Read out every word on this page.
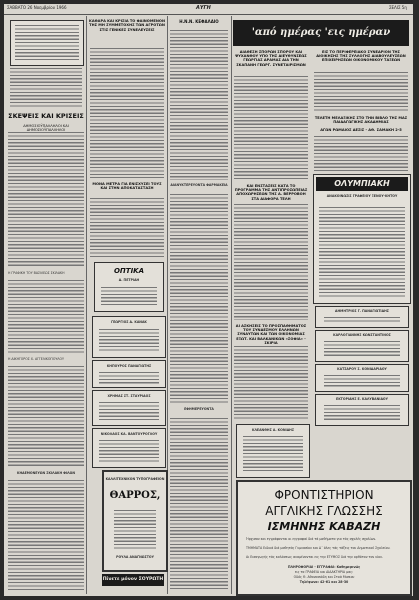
ΣΑΒΒΑΤΟ 26 Νοεμβρίου 1966	ΑΥΓΗ	ΣΕΛΙΣ 5η
ΣΚΕΨΕΙΣ ΚΑΙ ΚΡΙΣΕΙΣ
ΔΗΜΟΣΙΟΫΠΑΛΛΗΛΟΙ ΚΑΙ ΔΗΜΟΣΙΟΫΠΑΛΛΗΛΟΙ
Η ΓΡΑΦΙΚΗ ΤΟΥ ΒΑΣΙΛΕΩΣ ΣΚΙΛΑΚΗ
Η ΔΙΚΗΓΟΡΟΣ Χ. ΑΓΓΕΛΙΚΟΠΟΥΛΟΥ
ΚΗΔΕΜΟΝΕΥΩΝ ΣΚΙΛΑΚΗ ΦΙΛΩΝ
ΚΑΘΑΡΑ ΚΑΙ ΚΡΙΣΙΑ ΤΟ ΦΑΙΝΟΜΕΝΟΝ ΤΗΣ ΜΗ ΣΥΜΜΕΤΟΧΗΣ ΤΩΝ ΑΓΡΟΤΩΝ ΣΤΙΣ ΓΕΝΙΚΕΣ ΣΥΝΕΛΕΥΣΕΙΣ
ΜΟΝΑ ΜΕΤΡΑ ΓΙΑ ΕΝΙΣΧΥΣΕΙ ΤΟΥΣ ΚΑΙ ΣΤΗΝ ΑΠΟΚΑΤΑΣΤΑΣΗ
ΟΠΤΙΚΑ
Δ. ΠΕΤΡΙΔΗ
ΓΕΩΡΓΙΟΣ Δ. ΚΑΝΑΚ
ΚΗΠΟΥΡΟΣ ΠΑΝΑΓΙΩΤΗΣ
ΧΡΗΜΑΣ ΣΤ. ΣΤΑΥΡΙΔΟΣ
ΝΙΚΟΛΑΟΣ ΚΑ. ΒΑΝΤΟΥΡΟΓΛΟΥ
ΚΑΛΛΙΤΕΧΝΙΚΟΝ ΤΥΠΟΓΡΑΦΕΙΟΝ
ΘΑΡΡΟΣ,
ΡΟΥΛΑ ΑΝΑΓΝΩΣΤΟΥ
Πίνετε μόνον ΣΟΥΡΩΤΗ
Η.Ν.Ν. ΚΕΦΑΛΑΙΟ
ΔΙΑΝΥΚΤΕΡΕΥΟΝΤΑ ΦΑΡΜΑΚΕΙΑ
ΕΦΗΜΕΡΕΥΟΝΤΑ
ΔΙΑΘΕΣΗ ΣΠΟΡΩΝ ΣΠΟΡΟΥ ΚΑΙ ΨΥΧΑΝΘΟΥ ΥΠΟ ΤΗΣ ΔΙΕΥΘΥΝΣΕΩΣ ΓΕΩΡΓΙΑΣ ΔΡΑΜΑΣ ΔΙΑ ΤΗΝ ΣΚΑΠΑΝΗ ΓΕΩΡΓ. ΣΥΝΕΤΑΙΡΙΣΜΩΝ
ΚΑΙ ΕΝΣΤΑΣΕΙΣ ΚΑΤΑ ΤΟ ΠΡΟΓΡΑΜΜΑ ΤΗΣ ΑΝΤΙΠΡΟΣΩΠΕΙΑΣ ΑΠΟΧΩΡΗΣΕΩΝ ΤΗΣ Α. ΒΕΡΡΟΒΟΗ ΣΤΑ ΔΙΑΦΟΡΑ ΤΕΛΗ
ΑΙ ΑΣΚΗΣΕΙΣ ΤΟ ΠΡΟΣΠΑΘΗΜΑΤΟΣ ΤΟΥ ΣΥΝΔΕΣΜΟΥ ΕΛΛΗΝΩΝ ΣΥΝΑΥΤΩΝ ΚΑΙ ΤΩΝ ΟΙΚΟΝΟΜΙΑΣ ΕΞΩΤ. ΚΑΙ ΒΑΛΚΑΝΙΚΩΝ «ΣΟΦΙΑ» - ΣΚΙΡΙΑ
ΚΛΕΑΝΘΗΣ Α. ΚΟΝΙΔΗΣ
'από ημέρας 'εις ημέραν
ΕΙΣ ΤΟ ΠΕΡΙΦΕΡΕΙΑΚΟ ΣΥΝΕΔΡΙΟΝ ΤΗΣ ΔΙΟΙΚΗΣΗΣ ΤΗΣ ΣΥΛΛΟΓΗΣ ΔΙΑΒΟΥΛΕΥΣΕΩΝ ΕΠΙΧΕΙΡΗΣΕΩΝ ΟΙΚΟΝΟΜΙΚΟΥ ΤΑΞΕΩΝ
ΤΕΛΕΤΗ ΜΕΛΑΞΙΚΗΣ ΣΤΟ ΤΗΝ ΒΙΒΛΟ ΤΗΣ ΜΑΣ ΠΑΙΔΑΓΩΓΙΚΗΣ ΑΚΑΔΗΜΙΑΣ
ΑΓΩΝ ΡΩΜΑΙΟΣ ΔΕΣΙΣ - ΑΘ. ΣΑΜΑΚΗ 2-5
ΟΛΥΜΠΙΑΚΗ
ΑΝΑΚΟΙΝΩΣΙΣ ΓΡΑΦΕΙΟΥ ΞΕΝΟΥ-ΚΗΤΟΥ
ΔΗΜΗΤΡΙΟΣ Γ. ΠΑΝΑΓΙΩΤΙΔΗΣ
ΚΑΡΛΟΓΙΑΝΝΗΣ ΚΩΝΣΤΑΝΤΙΝΟΣ
ΚΑΤΣΑΡΟΥ Σ. ΚΟΝΙΔΑΡΙΔΟΥ
ΕΚΤΟΡΙΔΗΣ Ε. ΚΑΛΥΒΑΝΙΔΟΥ
ΦΡΟΝΤΙΣΤΗΡΙΟΝ
ΑΓΓΛΙΚΗΣ ΓΛΩΣΣΗΣ
ΙΣΜΗΝΗΣ ΚΑΒΑΖΗ
Ήρχισαν και εγγράφονται οι εγγραφαί διά τά μαθήματα για τάς σχολές σχολίων.
ΤΜΗΜΑΤΑ Ειδικά διά μαθητάς Γυμνασίου και Δ΄ όλες τάς τάξεις του Δημοτικού Σχολείου.
Αι Εισαγωγής τάς καλάσεως αναμένονται εις την ΕΤΥΜΟΣ διά την ορθόταν τον υίον.
ΠΛΗΡΟΦΟΡΙΑΙ - ΕΓΓΡΑΦΑΙ: Καθημερινώς
εις τα ΓΡΑΦΕΙΑ και ΔΙΔΑΚΤΗΡΙΑ μας:
Οδός Θ. Αθανασιάδη και Στοά Μισκου
Τηλέφωνα: 42-61 και 28-30
